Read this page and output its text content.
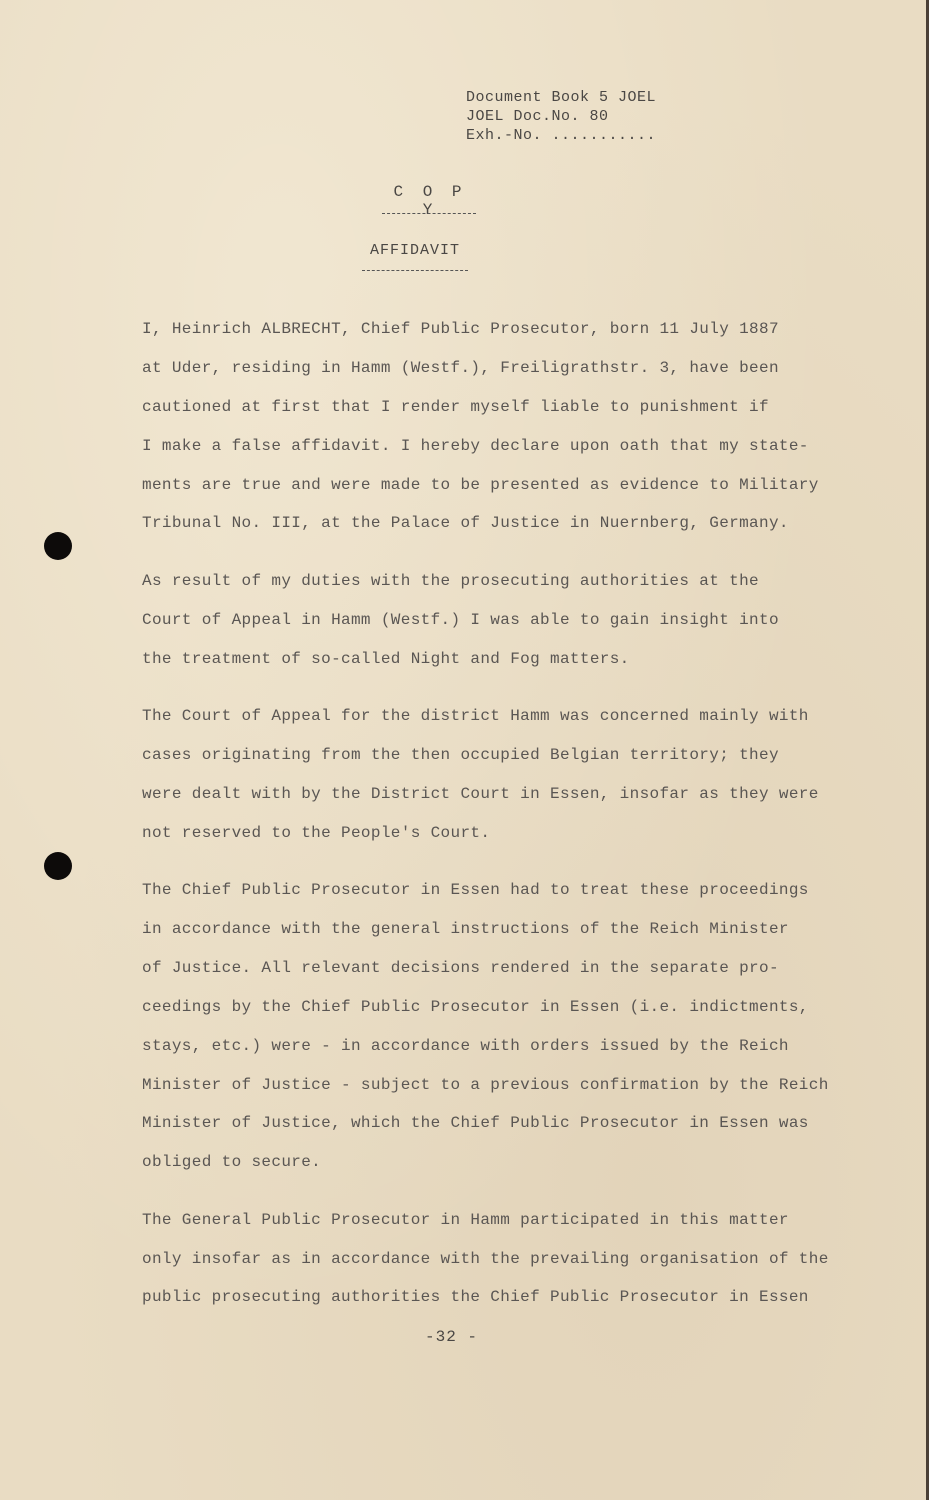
Document Book 5 JOEL
JOEL Doc.No. 80
Exh.-No. ...........
C O P Y
AFFIDAVIT
I, Heinrich ALBRECHT, Chief Public Prosecutor, born 11 July 1887
at Uder, residing in Hamm (Westf.), Freiligrathstr. 3, have been
cautioned at first that I render myself liable to punishment if
I make a false affidavit. I hereby declare upon oath that my state-
ments are true and were made to be presented as evidence to Military
Tribunal No. III, at the Palace of Justice in Nuernberg, Germany.
As result of my duties with the prosecuting authorities at the
Court of Appeal in Hamm (Westf.) I was able to gain insight into
the treatment of so-called Night and Fog matters.
The Court of Appeal for the district Hamm was concerned mainly with
cases originating from the then occupied Belgian territory; they
were dealt with by the District Court in Essen, insofar as they were
not reserved to the People's Court.
The Chief Public Prosecutor in Essen had to treat these proceedings
in accordance with the general instructions of the Reich Minister
of Justice. All relevant decisions rendered in the separate pro-
ceedings by the Chief Public Prosecutor in Essen (i.e. indictments,
stays, etc.) were - in accordance with orders issued by the Reich
Minister of Justice - subject to a previous confirmation by the Reich
Minister of Justice, which the Chief Public Prosecutor in Essen was
obliged to secure.
The General Public Prosecutor in Hamm participated in this matter
only insofar as in accordance with the prevailing organisation of the
public prosecuting authorities the Chief Public Prosecutor in Essen
-32 -
